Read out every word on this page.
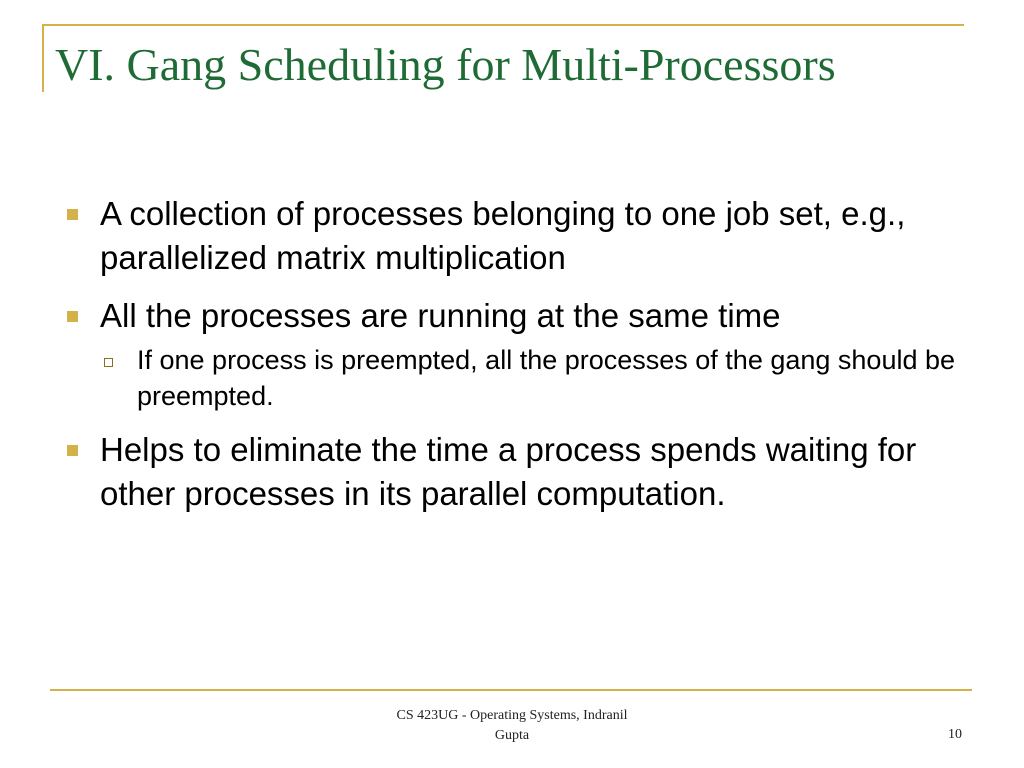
VI. Gang Scheduling for Multi-Processors
A collection of processes belonging to one job set, e.g., parallelized matrix multiplication
All the processes are running at the same time
If one process is preempted, all the processes of the gang should be preempted.
Helps to eliminate the time a process spends waiting for other processes in its parallel computation.
CS 423UG - Operating Systems, Indranil
Gupta	10
